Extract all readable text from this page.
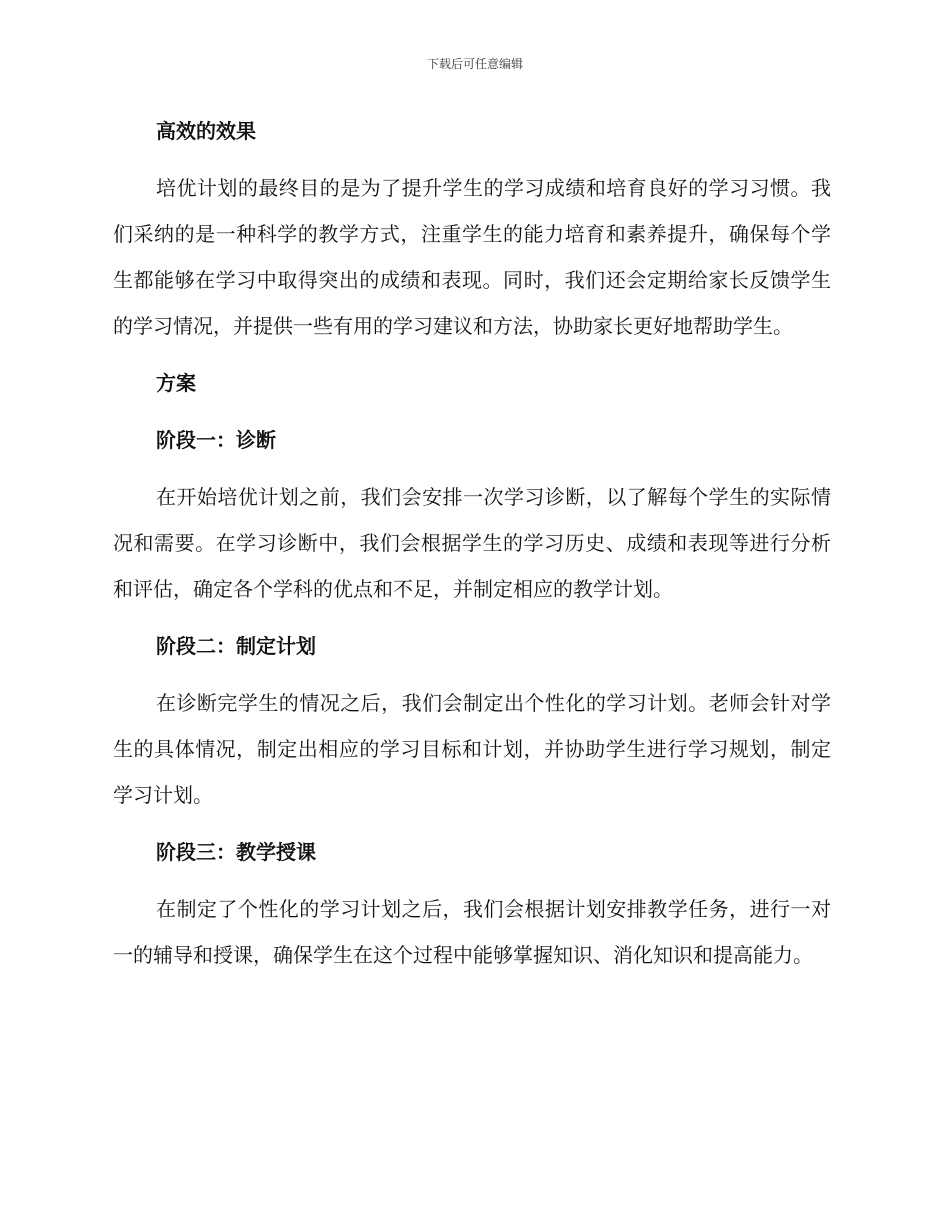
下载后可任意编辑
高效的效果

培优计划的最终目的是为了提升学生的学习成绩和培育良好的学习习惯。我们采纳的是一种科学的教学方式，注重学生的能力培育和素养提升，确保每个学生都能够在学习中取得突出的成绩和表现。同时，我们还会定期给家长反馈学生的学习情况，并提供一些有用的学习建议和方法，协助家长更好地帮助学生。

方案
阶段一：诊断

在开始培优计划之前，我们会安排一次学习诊断，以了解每个学生的实际情况和需要。在学习诊断中，我们会根据学生的学习历史、成绩和表现等进行分析和评估，确定各个学科的优点和不足，并制定相应的教学计划。

阶段二：制定计划

在诊断完学生的情况之后，我们会制定出个性化的学习计划。老师会针对学生的具体情况，制定出相应的学习目标和计划，并协助学生进行学习规划，制定学习计划。

阶段三：教学授课

在制定了个性化的学习计划之后，我们会根据计划安排教学任务，进行一对一的辅导和授课，确保学生在这个过程中能够掌握知识、消化知识和提高能力。
